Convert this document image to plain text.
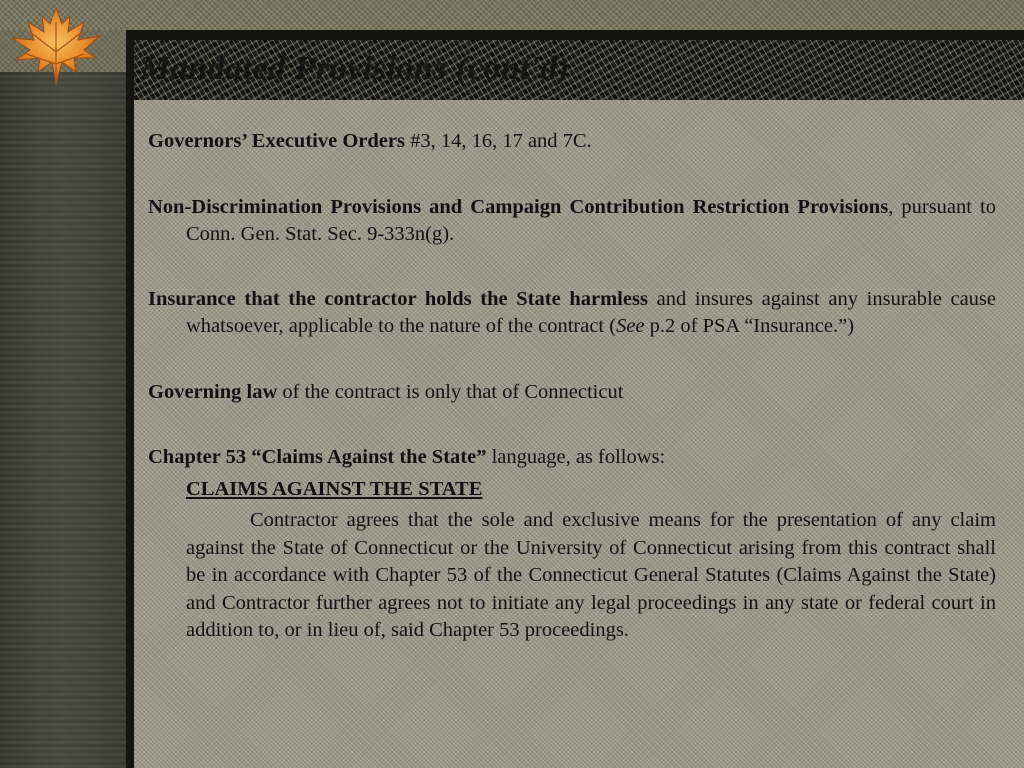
Mandated Provisions (cont'd)

Governors’ Executive Orders #3, 14, 16, 17 and 7C.

Non-Discrimination Provisions and Campaign Contribution Restriction Provisions, pursuant to Conn. Gen. Stat. Sec. 9-333n(g).

Insurance that the contractor holds the State harmless and insures against any insurable cause whatsoever, applicable to the nature of the contract (See p.2 of PSA “Insurance.”)

Governing law of the contract is only that of Connecticut

Chapter 53 “Claims Against the State” language, as follows:

CLAIMS AGAINST THE STATE

Contractor agrees that the sole and exclusive means for the presentation of any claim against the State of Connecticut or the University of Connecticut arising from this contract shall be in accordance with Chapter 53 of the Connecticut General Statutes (Claims Against the State) and Contractor further agrees not to initiate any legal proceedings in any state or federal court in addition to, or in lieu of, said Chapter 53 proceedings.
